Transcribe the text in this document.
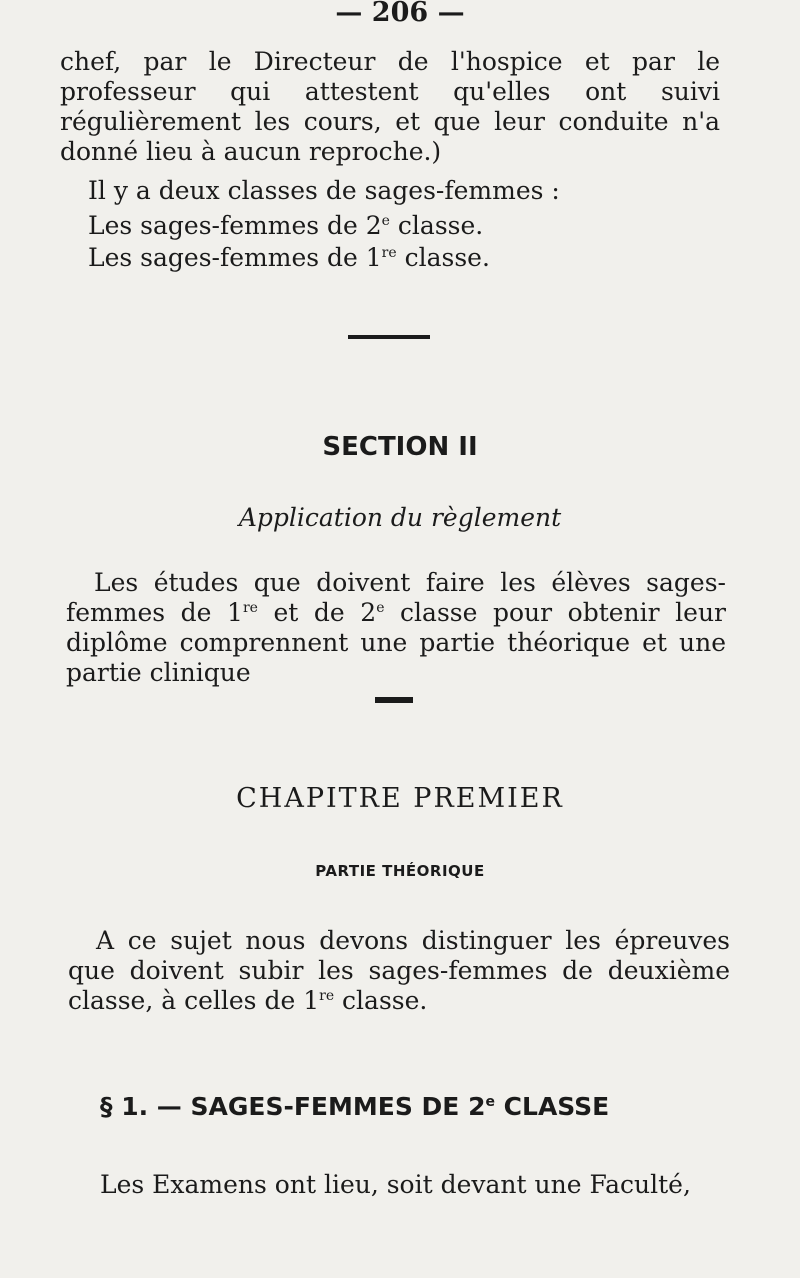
— 206 —

chef, par le Directeur de l'hospice et par le professeur qui attestent qu'elles ont suivi régulièrement les cours, et que leur conduite n'a donné lieu à aucun reproche.)

Il y a deux classes de sages-femmes :

Les sages-femmes de 2e classe.

Les sages-femmes de 1re classe.

SECTION II
Application du règlement

Les études que doivent faire les élèves sages-femmes de 1re et de 2e classe pour obtenir leur diplôme comprennent une partie théorique et une partie clinique

CHAPITRE PREMIER
PARTIE THÉORIQUE

A ce sujet nous devons distinguer les épreuves que doivent subir les sages-femmes de deuxième classe, à celles de 1re classe.

§ 1. — SAGES-FEMMES DE 2e CLASSE
Les Examens ont lieu, soit devant une Faculté,
